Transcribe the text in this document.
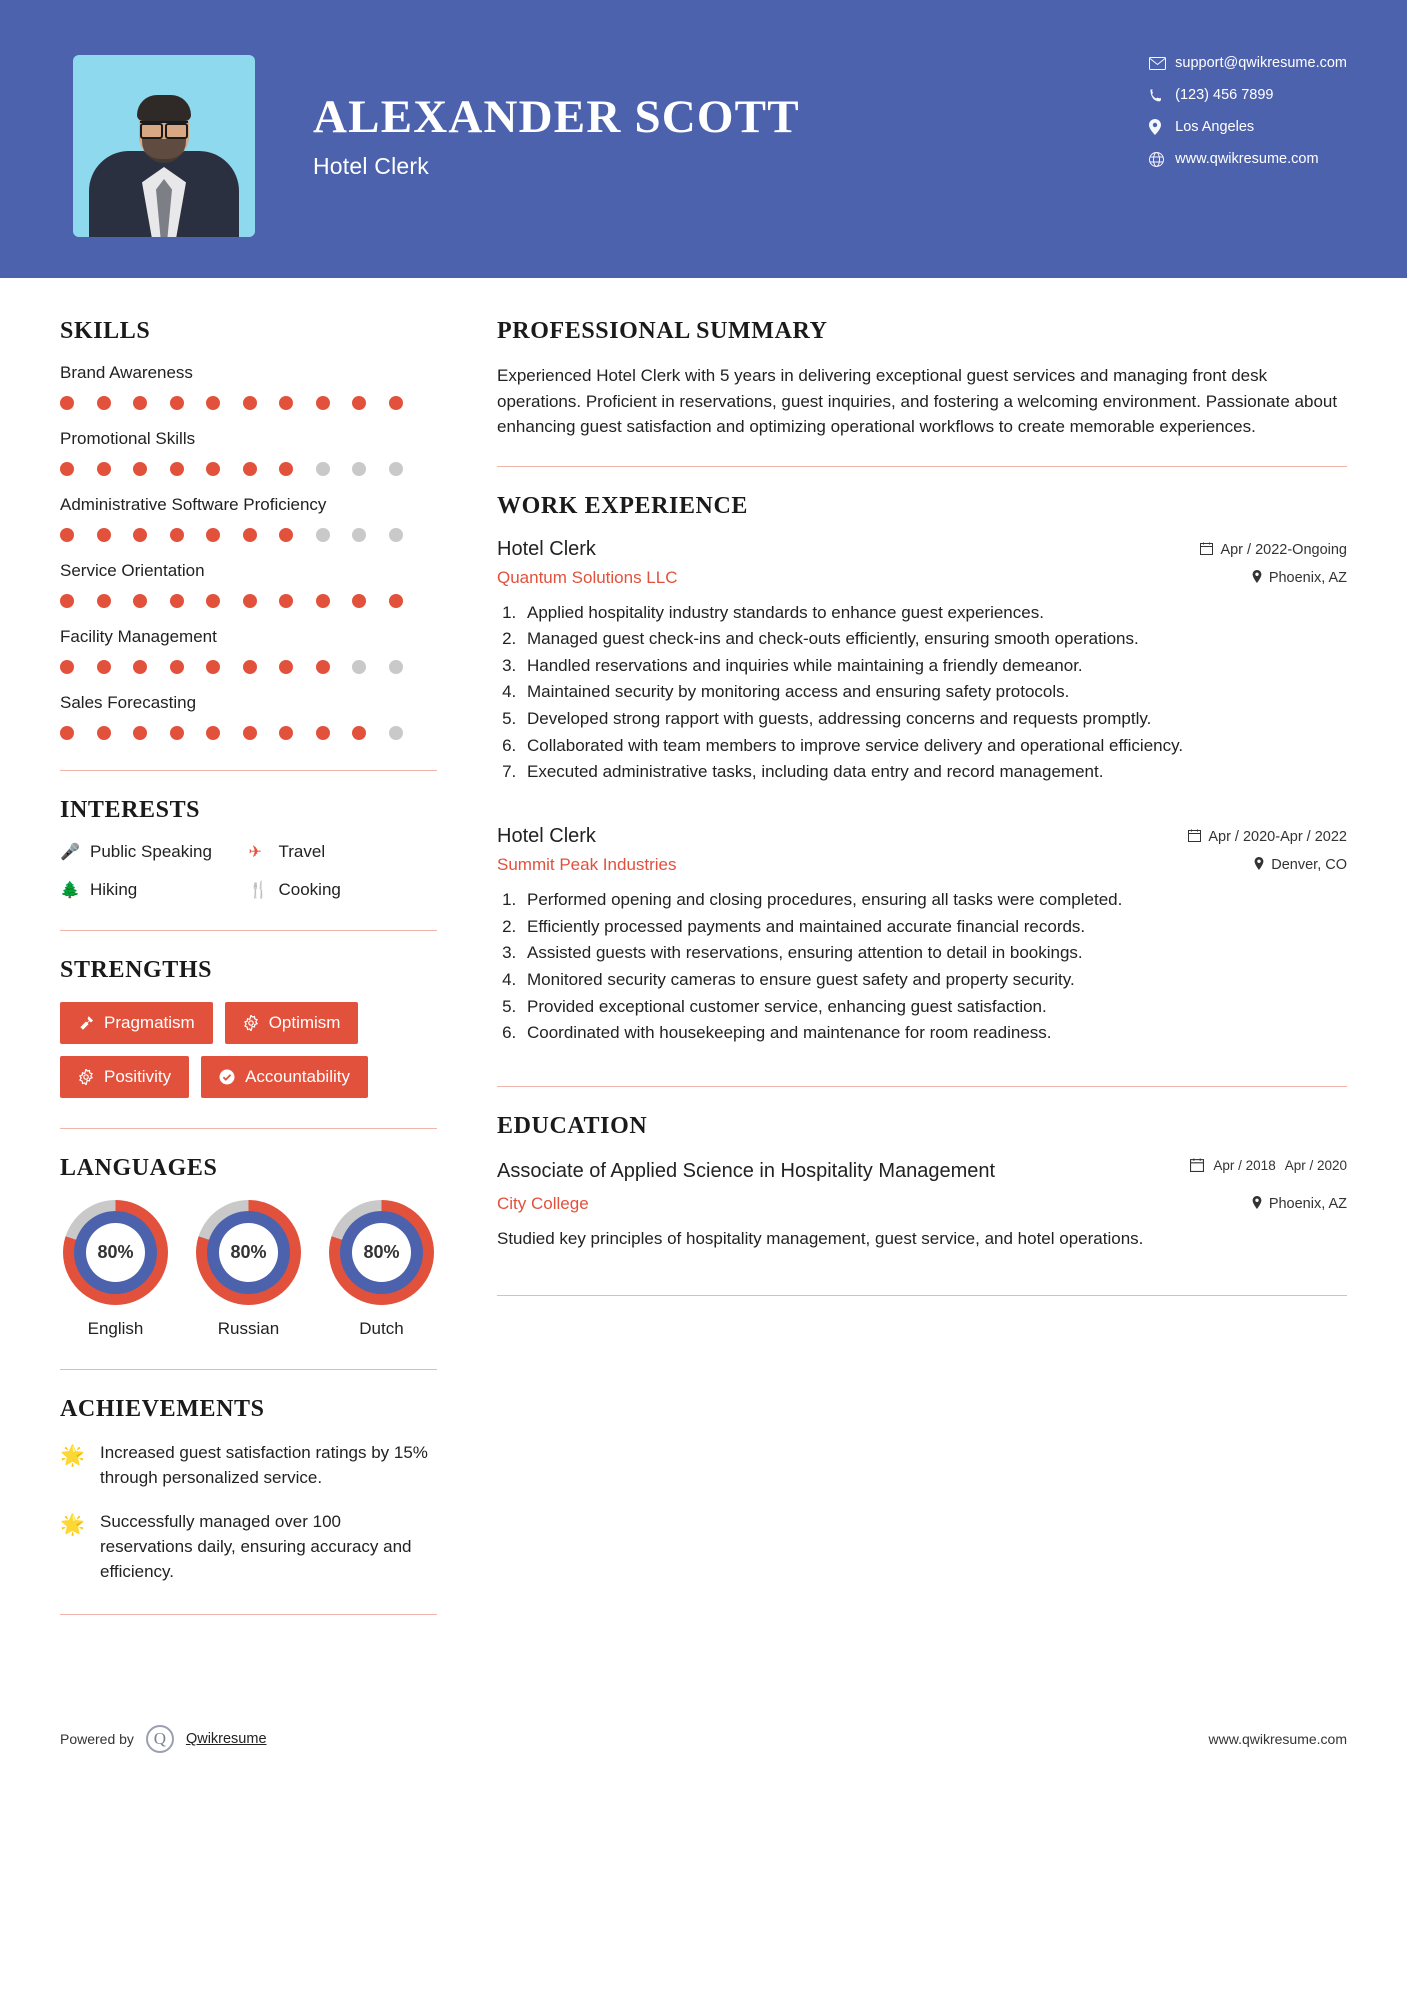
ALEXANDER SCOTT
Hotel Clerk
support@qwikresume.com
(123) 456 7899
Los Angeles
www.qwikresume.com
SKILLS
Brand Awareness
Promotional Skills
Administrative Software Proficiency
Service Orientation
Facility Management
Sales Forecasting
INTERESTS
🎤 Public Speaking ✈ Travel
🌲 Hiking	🍴 Cooking
STRENGTHS
Pragmatism	Optimism
Positivity	Accountability
LANGUAGES
80%
English
80%
Russian
80%
Dutch
ACHIEVEMENTS
🌟 Increased guest satisfaction ratings by 15% through personalized service.
🌟 Successfully managed over 100 reservations daily, ensuring accuracy and efficiency.
PROFESSIONAL SUMMARY

Experienced Hotel Clerk with 5 years in delivering exceptional guest services and managing front desk operations. Proficient in reservations, guest inquiries, and fostering a welcoming environment. Passionate about enhancing guest satisfaction and optimizing operational workflows to create memorable experiences.

WORK EXPERIENCE
Hotel Clerk	Apr / 2022-Ongoing
Quantum Solutions LLC	Phoenix, AZ
1. Applied hospitality industry standards to enhance guest experiences.
2. Managed guest check-ins and check-outs efficiently, ensuring smooth operations.
3. Handled reservations and inquiries while maintaining a friendly demeanor.
4. Maintained security by monitoring access and ensuring safety protocols.
5. Developed strong rapport with guests, addressing concerns and requests promptly.
6. Collaborated with team members to improve service delivery and operational efficiency.
7. Executed administrative tasks, including data entry and record management.
Hotel Clerk	Apr / 2020-Apr / 2022
Summit Peak Industries	Denver, CO
1. Performed opening and closing procedures, ensuring all tasks were completed.
2. Efficiently processed payments and maintained accurate financial records.
3. Assisted guests with reservations, ensuring attention to detail in bookings.
4. Monitored security cameras to ensure guest safety and property security.
5. Provided exceptional customer service, enhancing guest satisfaction.
6. Coordinated with housekeeping and maintenance for room readiness.
EDUCATION
Associate of Applied Science in Hospitality Management	Apr / 2018 Apr / 2020
City College	Phoenix, AZ
Studied key principles of hospitality management, guest service, and hotel operations.
Powered by	Q	Qwikresume	www.qwikresume.com
